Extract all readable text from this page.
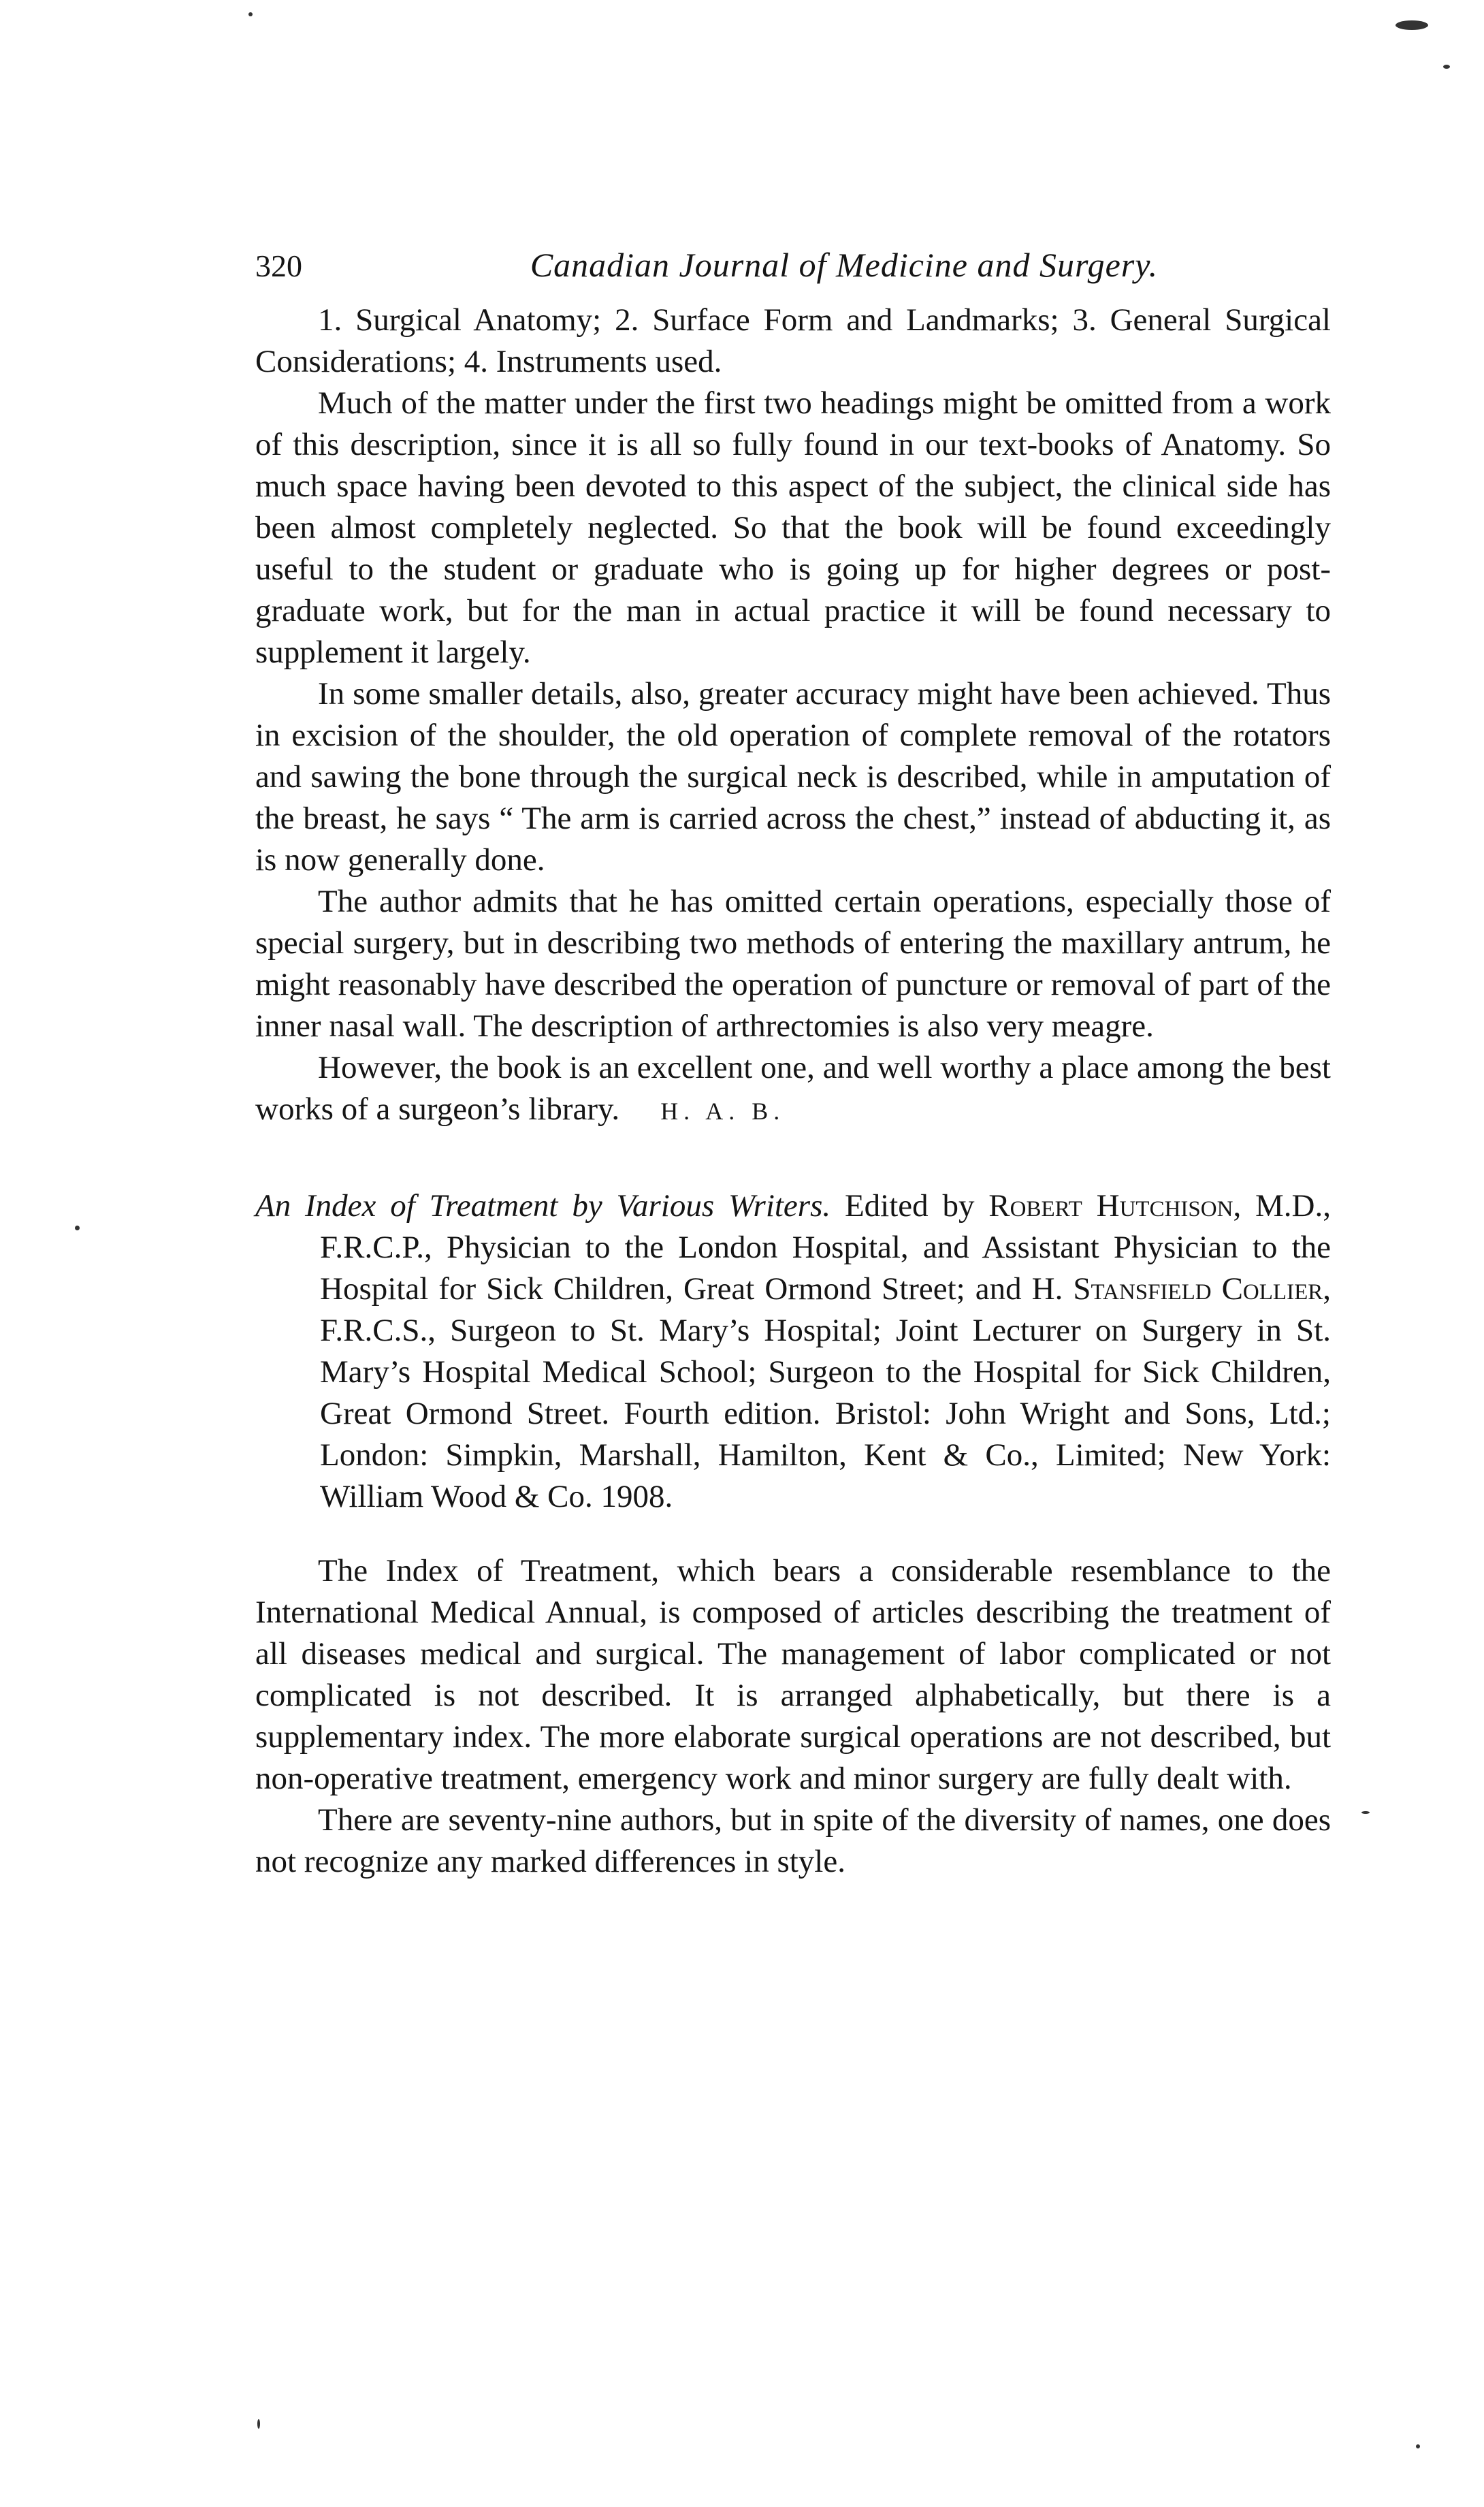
320	Canadian Journal of Medicine and Surgery.

1. Surgical Anatomy; 2. Surface Form and Landmarks; 3. General Surgical Considerations; 4. Instruments used.

Much of the matter under the first two headings might be omitted from a work of this description, since it is all so fully found in our text-books of Anatomy. So much space having been devoted to this aspect of the subject, the clinical side has been almost completely neglected. So that the book will be found exceedingly useful to the student or graduate who is going up for higher degrees or post-graduate work, but for the man in actual practice it will be found necessary to supplement it largely.

In some smaller details, also, greater accuracy might have been achieved. Thus in excision of the shoulder, the old operation of complete removal of the rotators and sawing the bone through the surgical neck is described, while in amputation of the breast, he says “ The arm is carried across the chest,” instead of abducting it, as is now generally done.

The author admits that he has omitted certain operations, especially those of special surgery, but in describing two methods of entering the maxillary antrum, he might reasonably have described the operation of puncture or removal of part of the inner nasal wall. The description of arthrectomies is also very meagre.

However, the book is an excellent one, and well worthy a place among the best works of a surgeon’s library. H. A. B.

An Index of Treatment by Various Writers. Edited by Robert Hutchison, M.D., F.R.C.P., Physician to the London Hospital, and Assistant Physician to the Hospital for Sick Children, Great Ormond Street; and H. Stansfield Collier, F.R.C.S., Surgeon to St. Mary’s Hospital; Joint Lecturer on Surgery in St. Mary’s Hospital Medical School; Surgeon to the Hospital for Sick Children, Great Ormond Street. Fourth edition. Bristol: John Wright and Sons, Ltd.; London: Simpkin, Marshall, Hamilton, Kent & Co., Limited; New York: William Wood & Co. 1908.

The Index of Treatment, which bears a considerable resemblance to the International Medical Annual, is composed of articles describing the treatment of all diseases medical and surgical. The management of labor complicated or not complicated is not described. It is arranged alphabetically, but there is a supplementary index. The more elaborate surgical operations are not described, but non-operative treatment, emergency work and minor surgery are fully dealt with.

There are seventy-nine authors, but in spite of the diversity of names, one does not recognize any marked differences in style.
